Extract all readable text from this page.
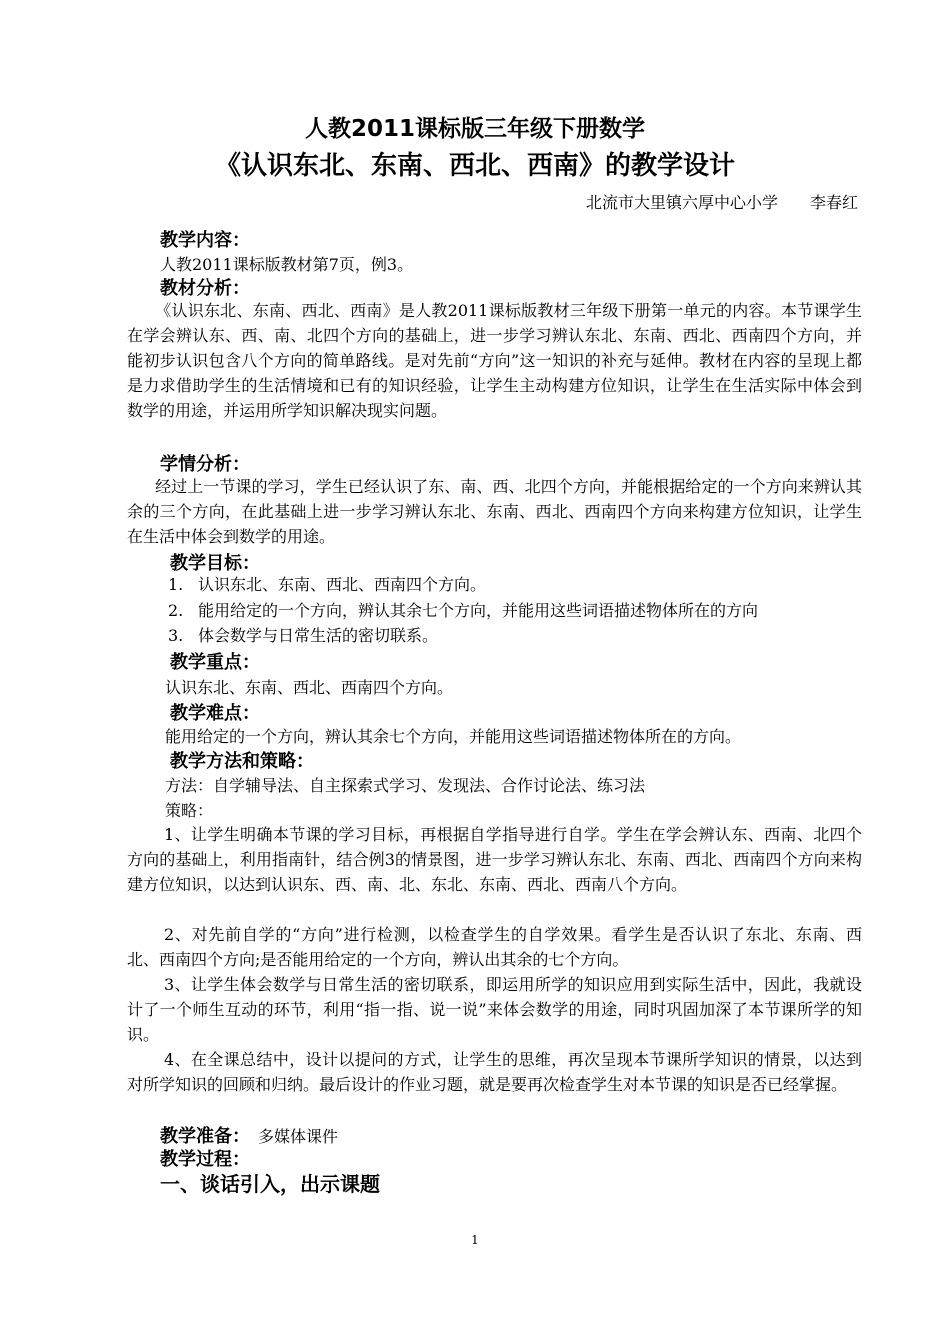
人教2011课标版三年级下册数学
《认识东北、东南、西北、西南》的教学设计
北流市大里镇六厚中心小学　　李春红
教学内容：
人教2011课标版教材第7页，例3。
教材分析：
《认识东北、东南、西北、西南》是人教2011课标版教材三年级下册第一单元的内容。本节课学生在学会辨认东、西、南、北四个方向的基础上，进一步学习辨认东北、东南、西北、西南四个方向，并能初步认识包含八个方向的简单路线。是对先前“方向”这一知识的补充与延伸。教材在内容的呈现上都是力求借助学生的生活情境和已有的知识经验，让学生主动构建方位知识，让学生在生活实际中体会到数学的用途，并运用所学知识解决现实问题。
学情分析：
经过上一节课的学习，学生已经认识了东、南、西、北四个方向，并能根据给定的一个方向来辨认其余的三个方向，在此基础上进一步学习辨认东北、东南、西北、西南四个方向来构建方位知识，让学生在生活中体会到数学的用途。
教学目标：
1. 认识东北、东南、西北、西南四个方向。
2. 能用给定的一个方向，辨认其余七个方向，并能用这些词语描述物体所在的方向
3. 体会数学与日常生活的密切联系。
教学重点：
认识东北、东南、西北、西南四个方向。
教学难点：
能用给定的一个方向，辨认其余七个方向，并能用这些词语描述物体所在的方向。
教学方法和策略：
方法：自学辅导法、自主探索式学习、发现法、合作讨论法、练习法
策略：
1、让学生明确本节课的学习目标，再根据自学指导进行自学。学生在学会辨认东、西南、北四个方向的基础上，利用指南针，结合例3的情景图，进一步学习辨认东北、东南、西北、西南四个方向来构建方位知识，以达到认识东、西、南、北、东北、东南、西北、西南八个方向。
2、对先前自学的“方向”进行检测，以检查学生的自学效果。看学生是否认识了东北、东南、西北、西南四个方向;是否能用给定的一个方向，辨认出其余的七个方向。
3、让学生体会数学与日常生活的密切联系，即运用所学的知识应用到实际生活中，因此，我就设计了一个师生互动的环节，利用“指一指、说一说”来体会数学的用途，同时巩固加深了本节课所学的知识。
4、在全课总结中，设计以提问的方式，让学生的思维，再次呈现本节课所学知识的情景，以达到对所学知识的回顾和归纳。最后设计的作业习题，就是要再次检查学生对本节课的知识是否已经掌握。
教学准备： 多媒体课件
教学过程：
一、谈话引入，出示课题
1
